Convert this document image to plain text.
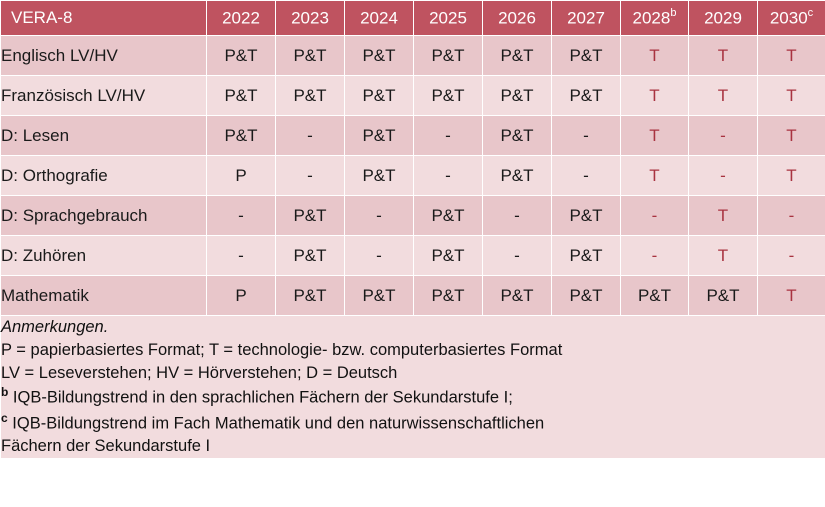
VERA-8	2022	2023	2024	2025	2026	2027	2028$^b$	2029	2030$^c$
Englisch LV/HV	P&T	P&T	P&T	P&T	P&T	P&T	T	T	T
Französisch LV/HV	P&T	P&T	P&T	P&T	P&T	P&T	T	T	T
D: Lesen	P&T	-	P&T	-	P&T	-	T	-	T
D: Orthografie	P	-	P&T	-	P&T	-	T	-	T
D: Sprachgebrauch	-	P&T	-	P&T	-	P&T	-	T	-
D: Zuhören	-	P&T	-	P&T	-	P&T	-	T	-
Mathematik	P	P&T	P&T	P&T	P&T	P&T	P&T	P&T	T

Anmerkungen.

P = papierbasiertes Format; T = technologie- bzw. computerbasiertes Format

LV = Leseverstehen; HV = Hörverstehen; D = Deutsch

$^b$ IQB-Bildungstrend in den sprachlichen Fächern der Sekundarstufe I;

$^c$ IQB-Bildungstrend im Fach Mathematik und den naturwissenschaftlichen

Fächern der Sekundarstufe I
